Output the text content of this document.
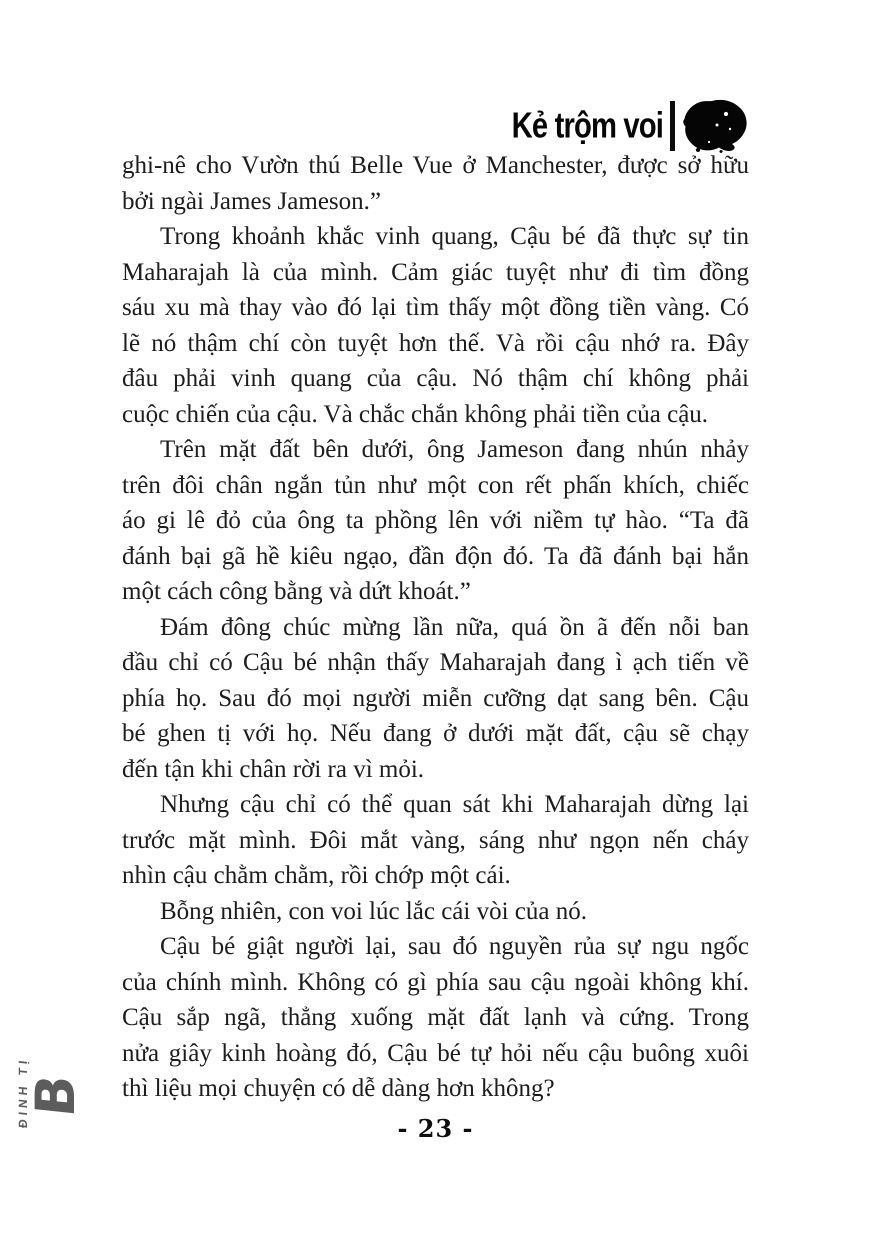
Kẻ trộm voi

ghi-nê cho Vườn thú Belle Vue ở Manchester, được sở hữu

bởi ngài James Jameson.”

Trong khoảnh khắc vinh quang, Cậu bé đã thực sự tin

Maharajah là của mình. Cảm giác tuyệt như đi tìm đồng

sáu xu mà thay vào đó lại tìm thấy một đồng tiền vàng. Có

lẽ nó thậm chí còn tuyệt hơn thế. Và rồi cậu nhớ ra. Đây

đâu phải vinh quang của cậu. Nó thậm chí không phải

cuộc chiến của cậu. Và chắc chắn không phải tiền của cậu.

Trên mặt đất bên dưới, ông Jameson đang nhún nhảy

trên đôi chân ngắn tủn như một con rết phấn khích, chiếc

áo gi lê đỏ của ông ta phồng lên với niềm tự hào. “Ta đã

đánh bại gã hề kiêu ngạo, đần độn đó. Ta đã đánh bại hắn

một cách công bằng và dứt khoát.”

Đám đông chúc mừng lần nữa, quá ồn ã đến nỗi ban

đầu chỉ có Cậu bé nhận thấy Maharajah đang ì ạch tiến về

phía họ. Sau đó mọi người miễn cưỡng dạt sang bên. Cậu

bé ghen tị với họ. Nếu đang ở dưới mặt đất, cậu sẽ chạy

đến tận khi chân rời ra vì mỏi.

Nhưng cậu chỉ có thể quan sát khi Maharajah dừng lại

trước mặt mình. Đôi mắt vàng, sáng như ngọn nến cháy

nhìn cậu chằm chằm, rồi chớp một cái.

Bỗng nhiên, con voi lúc lắc cái vòi của nó.

Cậu bé giật người lại, sau đó nguyền rủa sự ngu ngốc

của chính mình. Không có gì phía sau cậu ngoài không khí.

Cậu sắp ngã, thẳng xuống mặt đất lạnh và cứng. Trong

nửa giây kinh hoàng đó, Cậu bé tự hỏi nếu cậu buông xuôi

thì liệu mọi chuyện có dễ dàng hơn không?

- 23 -
ĐINH TỊ
B
